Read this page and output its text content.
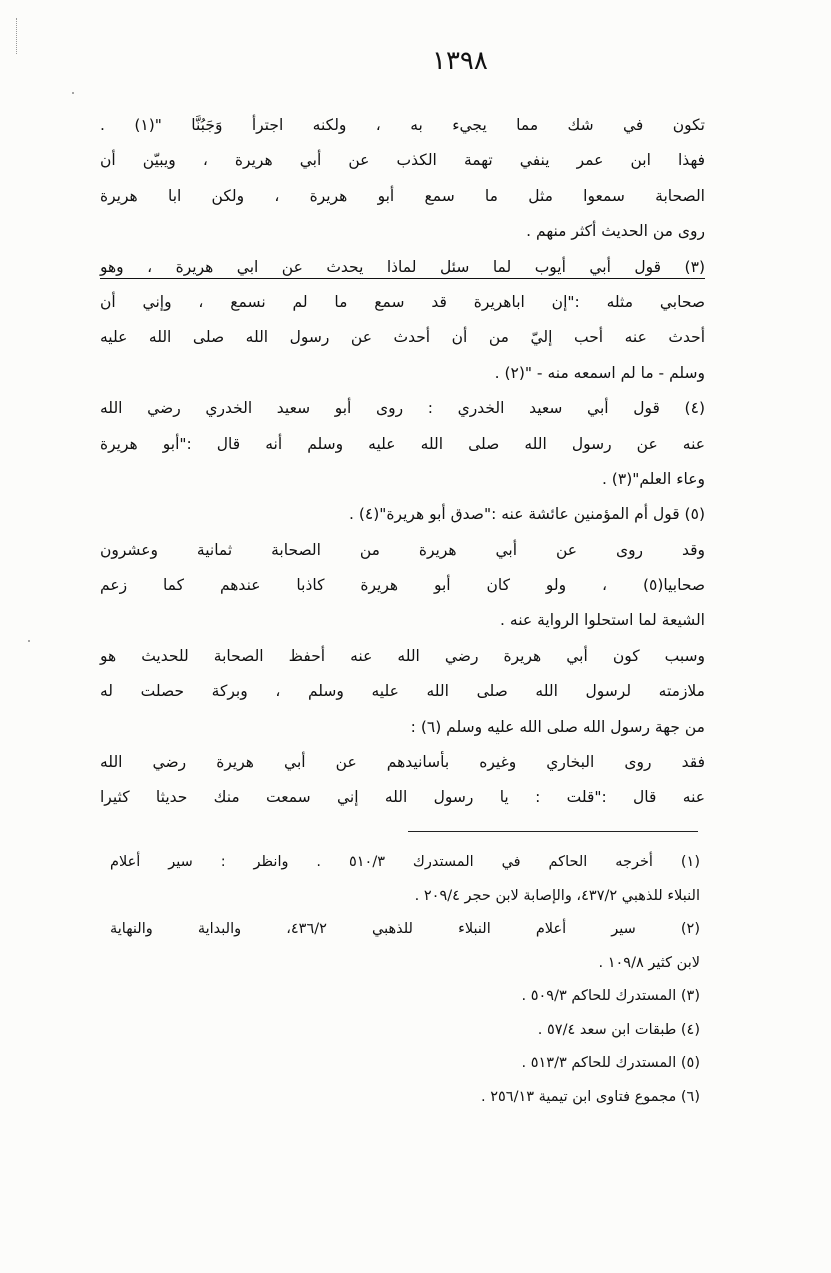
١٣٩٨
تكون في شك مما يجيء به ، ولكنه اجترأ وَجَبُنَّا "(١) .
فهذا ابن عمر ينفي تهمة الكذب عن أبي هريرة ، ويبيّن أن
الصحابة سمعوا مثل ما سمع أبو هريرة ، ولكن ابا هريرة
روى من الحديث أكثر منهم .
(٣) قول أبي أيوب لما سئل لماذا يحدث عن ابي هريرة ، وهو
صحابي مثله :"إن اباهريرة قد سمع ما لم نسمع ، وإني أن
أحدث عنه أحب إليّ من أن أحدث عن رسول الله صلى الله عليه
وسلم - ما لم اسمعه منه - "(٢) .
(٤) قول أبي سعيد الخدري : روى أبو سعيد الخدري رضي الله
عنه عن رسول الله صلى الله عليه وسلم أنه قال :"أبو هريرة
وعاء العلم"(٣) .
(٥) قول أم المؤمنين عائشة عنه :"صدق أبو هريرة"(٤) .
وقد روى عن أبي هريرة من الصحابة ثمانية وعشرون
صحابيا(٥) ، ولو كان أبو هريرة كاذبا عندهم كما زعم
الشيعة لما استحلوا الرواية عنه .
وسبب كون أبي هريرة رضي الله عنه أحفظ الصحابة للحديث هو
ملازمته لرسول الله صلى الله عليه وسلم ، وبركة حصلت له
من جهة رسول الله صلى الله عليه وسلم (٦) :
فقد روى البخاري وغيره بأسانيدهم عن أبي هريرة رضي الله
عنه قال :"قلت : يا رسول الله إني سمعت منك حديثا كثيرا
(١) أخرجه الحاكم في المستدرك ٥١٠/٣ . وانظر : سير أعلام
النبلاء للذهبي ٤٣٧/٢، والإصابة لابن حجر ٢٠٩/٤ .
(٢) سير أعلام النبلاء للذهبي ٤٣٦/٢، والبداية والنهاية
لابن كثير ١٠٩/٨ .
(٣) المستدرك للحاكم ٥٠٩/٣ .
(٤) طبقات ابن سعد ٥٧/٤ .
(٥) المستدرك للحاكم ٥١٣/٣ .
(٦) مجموع فتاوى ابن تيمية ٢٥٦/١٣ .
